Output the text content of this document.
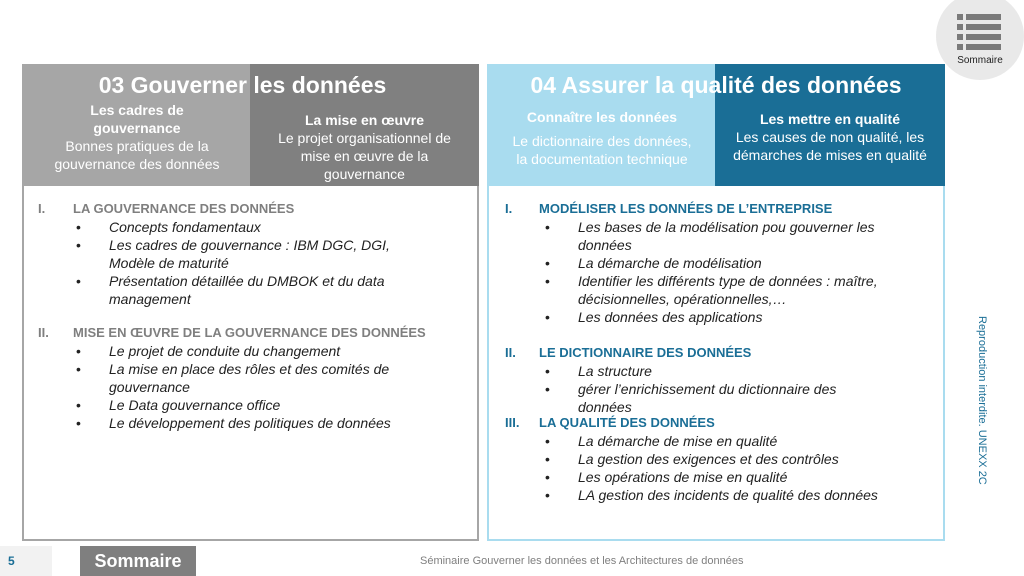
Sommaire
03 Gouverner les données
Les cadres de
gouvernance
Bonnes pratiques de la
gouvernance des données
La mise en œuvre
Le projet organisationnel de
mise en œuvre de la
gouvernance
I. LA GOUVERNANCE DES DONNÉES
• Concepts fondamentaux
• Les cadres de gouvernance : IBM DGC, DGI,
Modèle de maturité
• Présentation détaillée du DMBOK et du data
management
II. MISE EN ŒUVRE DE LA GOUVERNANCE DES DONNÉES
• Le projet de conduite du changement
• La mise en place des rôles et des comités de
gouvernance
• Le Data gouvernance office
• Le développement des politiques de données
04 Assurer la qualité des données
Connaître les données
Le dictionnaire des données,
la documentation technique
Les mettre en qualité
Les causes de non qualité, les
démarches de mises en qualité
I. MODÉLISER LES DONNÉES DE L’ENTREPRISE
• Les bases de la modélisation pou gouverner les
données
• La démarche de modélisation
• Identifier les différents type de données : maître,
décisionnelles, opérationnelles,…
• Les données des applications
II. LE DICTIONNAIRE DES DONNÉES
• La structure
• gérer l’enrichissement du dictionnaire des
données
III. LA QUALITÉ DES DONNÉES
• La démarche de mise en qualité
• La gestion des exigences et des contrôles
• Les opérations de mise en qualité
• LA gestion des incidents de qualité des données
Reproduction interdite. UNEXX 2C
5	Sommaire	Séminaire Gouverner les données et les Architectures de données
